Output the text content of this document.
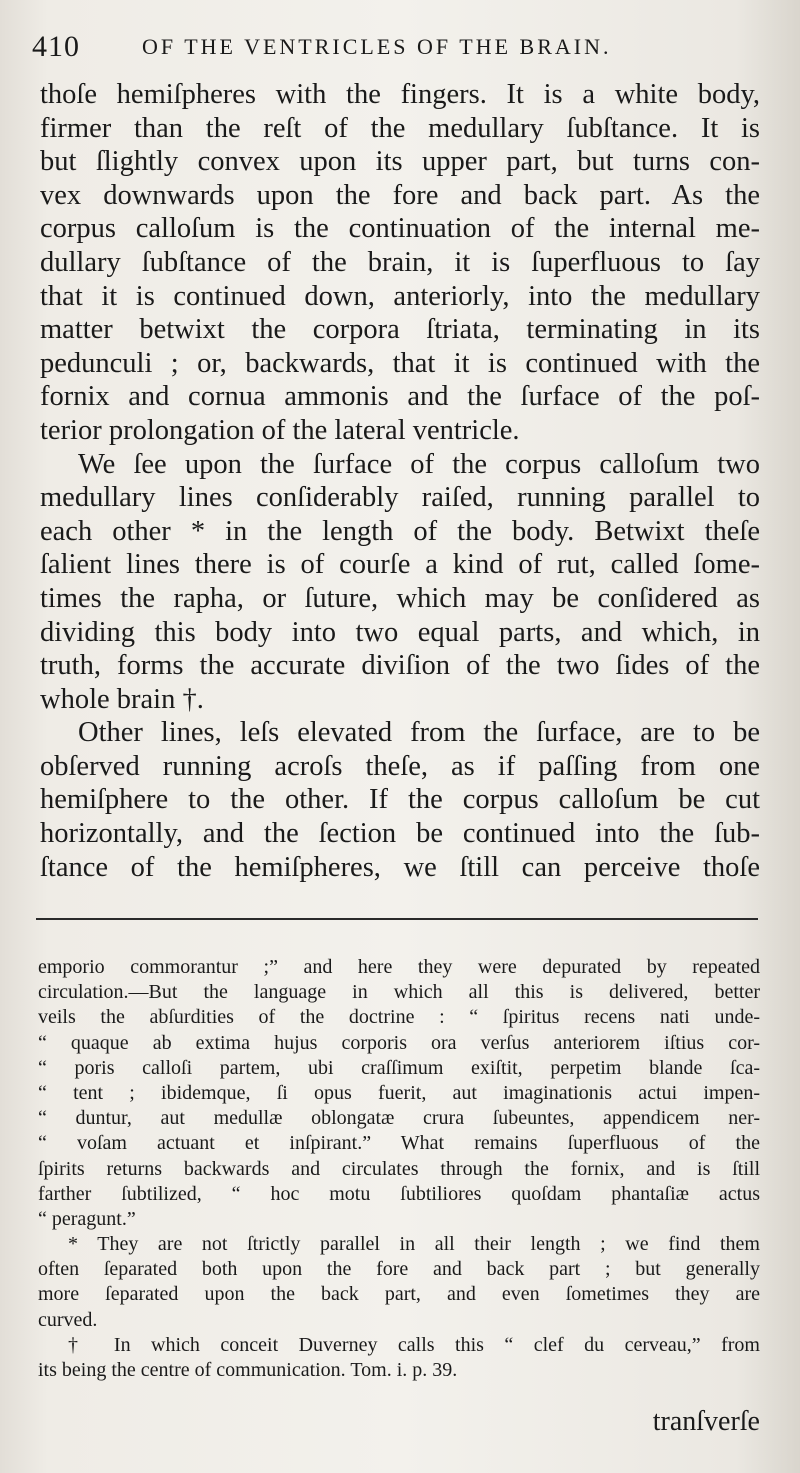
410	OF THE VENTRICLES OF THE BRAIN.
thoſe hemiſpheres with the fingers. It is a white body,
firmer than the reſt of the medullary ſubſtance. It is
but ſlightly convex upon its upper part, but turns con-
vex downwards upon the fore and back part. As the
corpus calloſum is the continuation of the internal me-
dullary ſubſtance of the brain, it is ſuperfluous to ſay
that it is continued down, anteriorly, into the medullary
matter betwixt the corpora ſtriata, terminating in its
pedunculi ; or, backwards, that it is continued with the
fornix and cornua ammonis and the ſurface of the poſ-
terior prolongation of the lateral ventricle.
We ſee upon the ſurface of the corpus calloſum two
medullary lines conſiderably raiſed, running parallel to
each other * in the length of the body. Betwixt theſe
ſalient lines there is of courſe a kind of rut, called ſome-
times the rapha, or ſuture, which may be conſidered as
dividing this body into two equal parts, and which, in
truth, forms the accurate diviſion of the two ſides of the
whole brain †.
Other lines, leſs elevated from the ſurface, are to be
obſerved running acroſs theſe, as if paſſing from one
hemiſphere to the other. If the corpus calloſum be cut
horizontally, and the ſection be continued into the ſub-
ſtance of the hemiſpheres, we ſtill can perceive thoſe
emporio commorantur ;” and here they were depurated by repeated
circulation.—But the language in which all this is delivered, better
veils the abſurdities of the doctrine : “ ſpiritus recens nati unde-
“ quaque ab extima hujus corporis ora verſus anteriorem iſtius cor-
“ poris calloſi partem, ubi craſſimum exiſtit, perpetim blande ſca-
“ tent ; ibidemque, ſi opus fuerit, aut imaginationis actui impen-
“ duntur, aut medullæ oblongatæ crura ſubeuntes, appendicem ner-
“ voſam actuant et inſpirant.” What remains ſuperfluous of the
ſpirits returns backwards and circulates through the fornix, and is ſtill
farther ſubtilized, “ hoc motu ſubtiliores quoſdam phantaſiæ actus
“ peragunt.”
* They are not ſtrictly parallel in all their length ; we find them
often ſeparated both upon the fore and back part ; but generally
more ſeparated upon the back part, and even ſometimes they are
curved.
† In which conceit Duverney calls this “ clef du cerveau,” from
its being the centre of communication. Tom. i. p. 39.
tranſverſe
